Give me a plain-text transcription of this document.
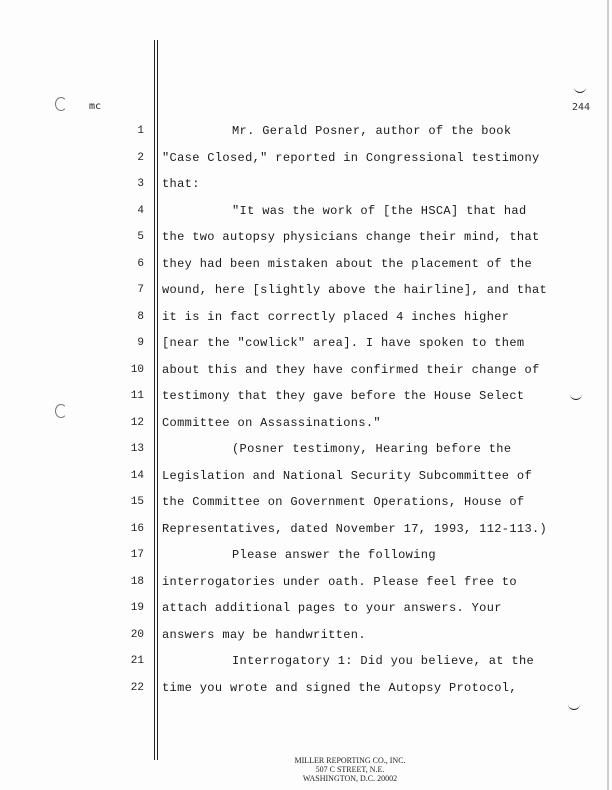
mc	244
1	Mr. Gerald Posner, author of the book
2 "Case Closed," reported in Congressional testimony
3 that:
4	"It was the work of [the HSCA] that had
5 the two autopsy physicians change their mind, that
6 they had been mistaken about the placement of the
7 wound, here [slightly above the hairline], and that
8 it is in fact correctly placed 4 inches higher
9 [near the "cowlick" area]. I have spoken to them
10 about this and they have confirmed their change of
11 testimony that they gave before the House Select
12 Committee on Assassinations."
13	(Posner testimony, Hearing before the
14 Legislation and National Security Subcommittee of
15 the Committee on Government Operations, House of
16 Representatives, dated November 17, 1993, 112-113.)
17	Please answer the following
18 interrogatories under oath. Please feel free to
19 attach additional pages to your answers. Your
20 answers may be handwritten.
21	Interrogatory 1: Did you believe, at the
22 time you wrote and signed the Autopsy Protocol,
MILLER REPORTING CO., INC.
507 C STREET, N.E.
WASHINGTON, D.C. 20002
